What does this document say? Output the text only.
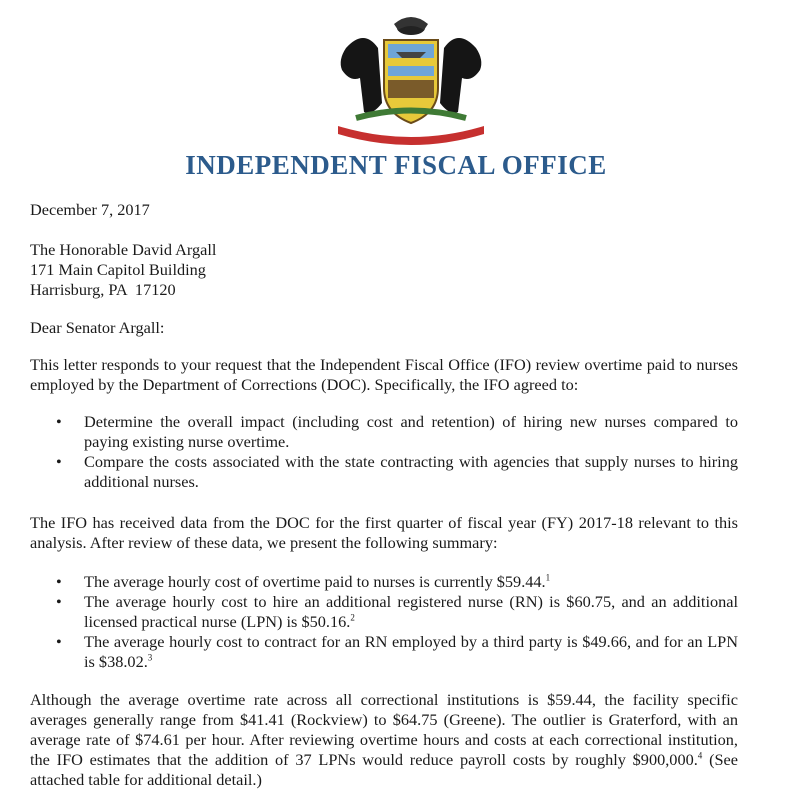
INDEPENDENT FISCAL OFFICE
December 7, 2017
The Honorable David Argall
171 Main Capitol Building
Harrisburg, PA  17120
Dear Senator Argall:
This letter responds to your request that the Independent Fiscal Office (IFO) review overtime paid to nurses employed by the Department of Corrections (DOC). Specifically, the IFO agreed to:
• Determine the overall impact (including cost and retention) of hiring new nurses compared to paying existing nurse overtime.
• Compare the costs associated with the state contracting with agencies that supply nurses to hiring additional nurses.
The IFO has received data from the DOC for the first quarter of fiscal year (FY) 2017-18 relevant to this analysis. After review of these data, we present the following summary:
• The average hourly cost of overtime paid to nurses is currently $59.44.$^1$
• The average hourly cost to hire an additional registered nurse (RN) is $60.75, and an additional licensed practical nurse (LPN) is $50.16.$^2$
• The average hourly cost to contract for an RN employed by a third party is $49.66, and for an LPN is $38.02.$^3$
Although the average overtime rate across all correctional institutions is $59.44, the facility specific averages generally range from $41.41 (Rockview) to $64.75 (Greene). The outlier is Graterford, with an average rate of $74.61 per hour. After reviewing overtime hours and costs at each correctional institution, the IFO estimates that the addition of 37 LPNs would reduce payroll costs by roughly $900,000.$^4$ (See attached table for additional detail.)
